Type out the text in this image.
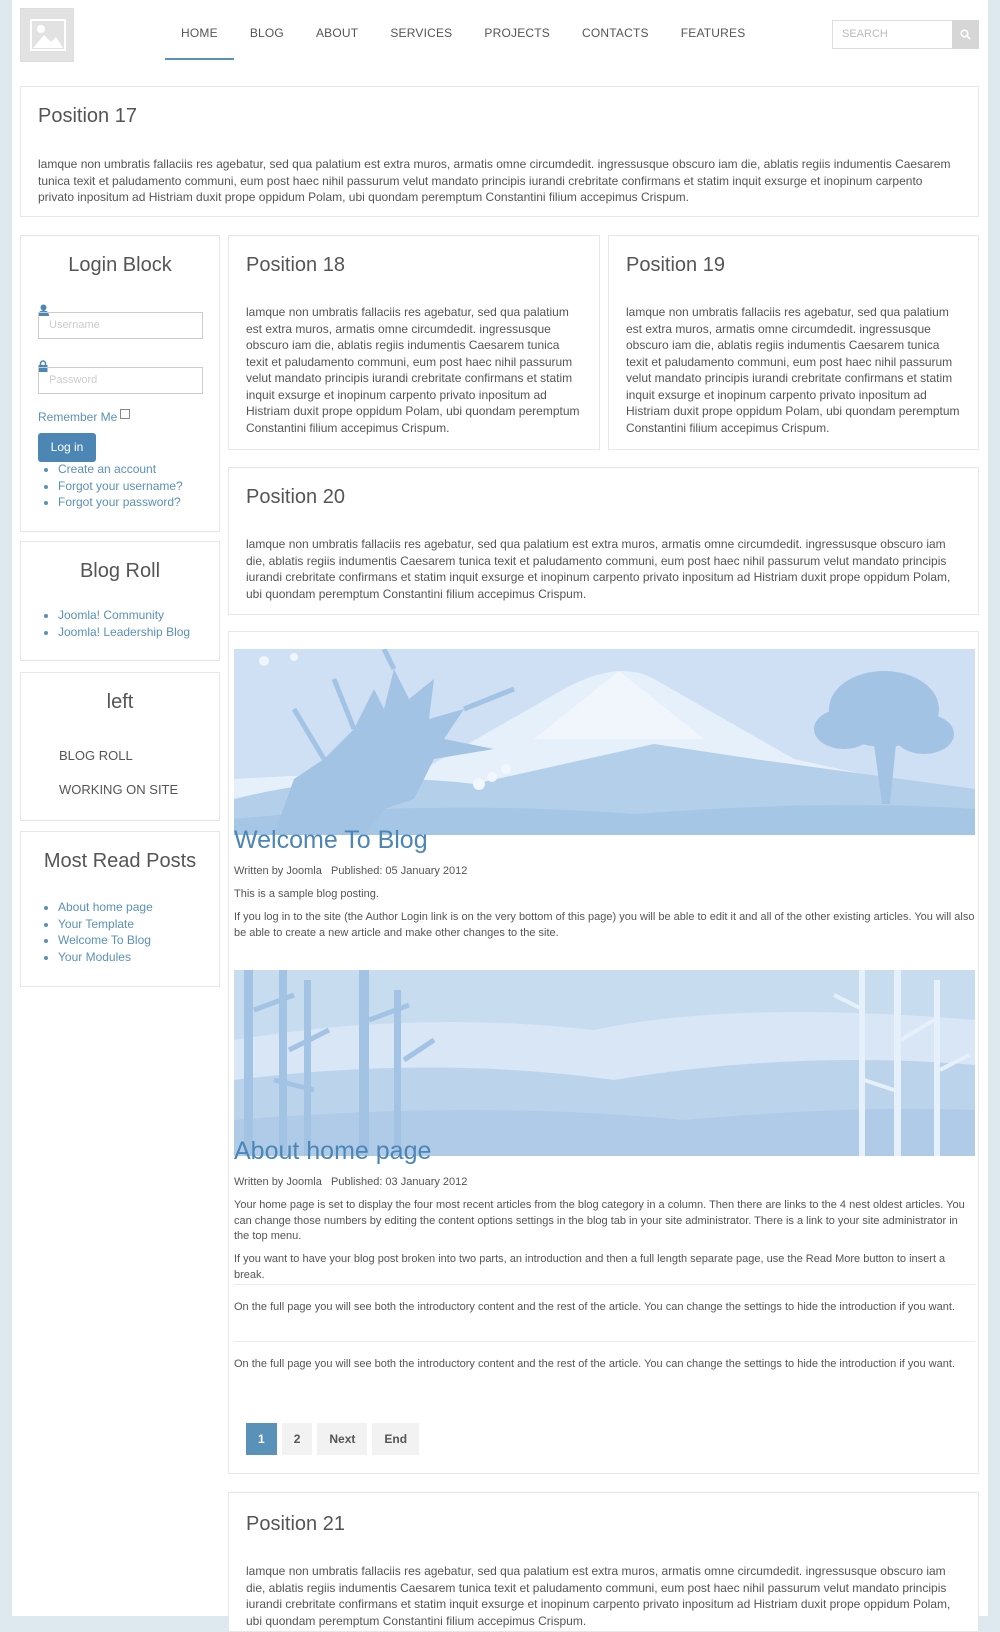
HOME	BLOG	ABOUT	SERVICES	PROJECTS	CONTACTS	FEATURES	SEARCH
Position 17

lamque non umbratis fallaciis res agebatur, sed qua palatium est extra muros, armatis omne circumdedit. ingressusque obscuro iam die, ablatis regiis indumentis Caesarem tunica texit et paludamento communi, eum post haec nihil passurum velut mandato principis iurandi crebritate confirmans et statim inquit exsurge et inopinum carpento privato inpositum ad Histriam duxit prope oppidum Polam, ubi quondam peremptum Constantini filium accepimus Crispum.

Login Block
Username
Password
Remember Me
Log in
• Create an account
• Forgot your username?
• Forgot your password?
Blog Roll
• Joomla! Community
• Joomla! Leadership Blog
left
BLOG ROLL
WORKING ON SITE
Most Read Posts
• About home page
• Your Template
• Welcome To Blog
• Your Modules
Position 18

lamque non umbratis fallaciis res agebatur, sed qua palatium est extra muros, armatis omne circumdedit. ingressusque obscuro iam die, ablatis regiis indumentis Caesarem tunica texit et paludamento communi, eum post haec nihil passurum velut mandato principis iurandi crebritate confirmans et statim inquit exsurge et inopinum carpento privato inpositum ad Histriam duxit prope oppidum Polam, ubi quondam peremptum Constantini filium accepimus Crispum.

Position 19

lamque non umbratis fallaciis res agebatur, sed qua palatium est extra muros, armatis omne circumdedit. ingressusque obscuro iam die, ablatis regiis indumentis Caesarem tunica texit et paludamento communi, eum post haec nihil passurum velut mandato principis iurandi crebritate confirmans et statim inquit exsurge et inopinum carpento privato inpositum ad Histriam duxit prope oppidum Polam, ubi quondam peremptum Constantini filium accepimus Crispum.

Position 20

lamque non umbratis fallaciis res agebatur, sed qua palatium est extra muros, armatis omne circumdedit. ingressusque obscuro iam die, ablatis regiis indumentis Caesarem tunica texit et paludamento communi, eum post haec nihil passurum velut mandato principis iurandi crebritate confirmans et statim inquit exsurge et inopinum carpento privato inpositum ad Histriam duxit prope oppidum Polam, ubi quondam peremptum Constantini filium accepimus Crispum.

Welcome To Blog
Written by Joomla Published: 05 January 2012
This is a sample blog posting.
If you log in to the site (the Author Login link is on the very bottom of this page) you will be able to edit it and all of the other existing articles. You will also be able to create a new article and make other changes to the site.
About home page
Written by Joomla Published: 03 January 2012
Your home page is set to display the four most recent articles from the blog category in a column. Then there are links to the 4 nest oldest articles. You can change those numbers by editing the content options settings in the blog tab in your site administrator. There is a link to your site administrator in the top menu.
If you want to have your blog post broken into two parts, an introduction and then a full length separate page, use the Read More button to insert a break.
On the full page you will see both the introductory content and the rest of the article. You can change the settings to hide the introduction if you want.
On the full page you will see both the introductory content and the rest of the article. You can change the settings to hide the introduction if you want.
1	2	Next	End
Position 21

lamque non umbratis fallaciis res agebatur, sed qua palatium est extra muros, armatis omne circumdedit. ingressusque obscuro iam die, ablatis regiis indumentis Caesarem tunica texit et paludamento communi, eum post haec nihil passurum velut mandato principis iurandi crebritate confirmans et statim inquit exsurge et inopinum carpento privato inpositum ad Histriam duxit prope oppidum Polam, ubi quondam peremptum Constantini filium accepimus Crispum.
